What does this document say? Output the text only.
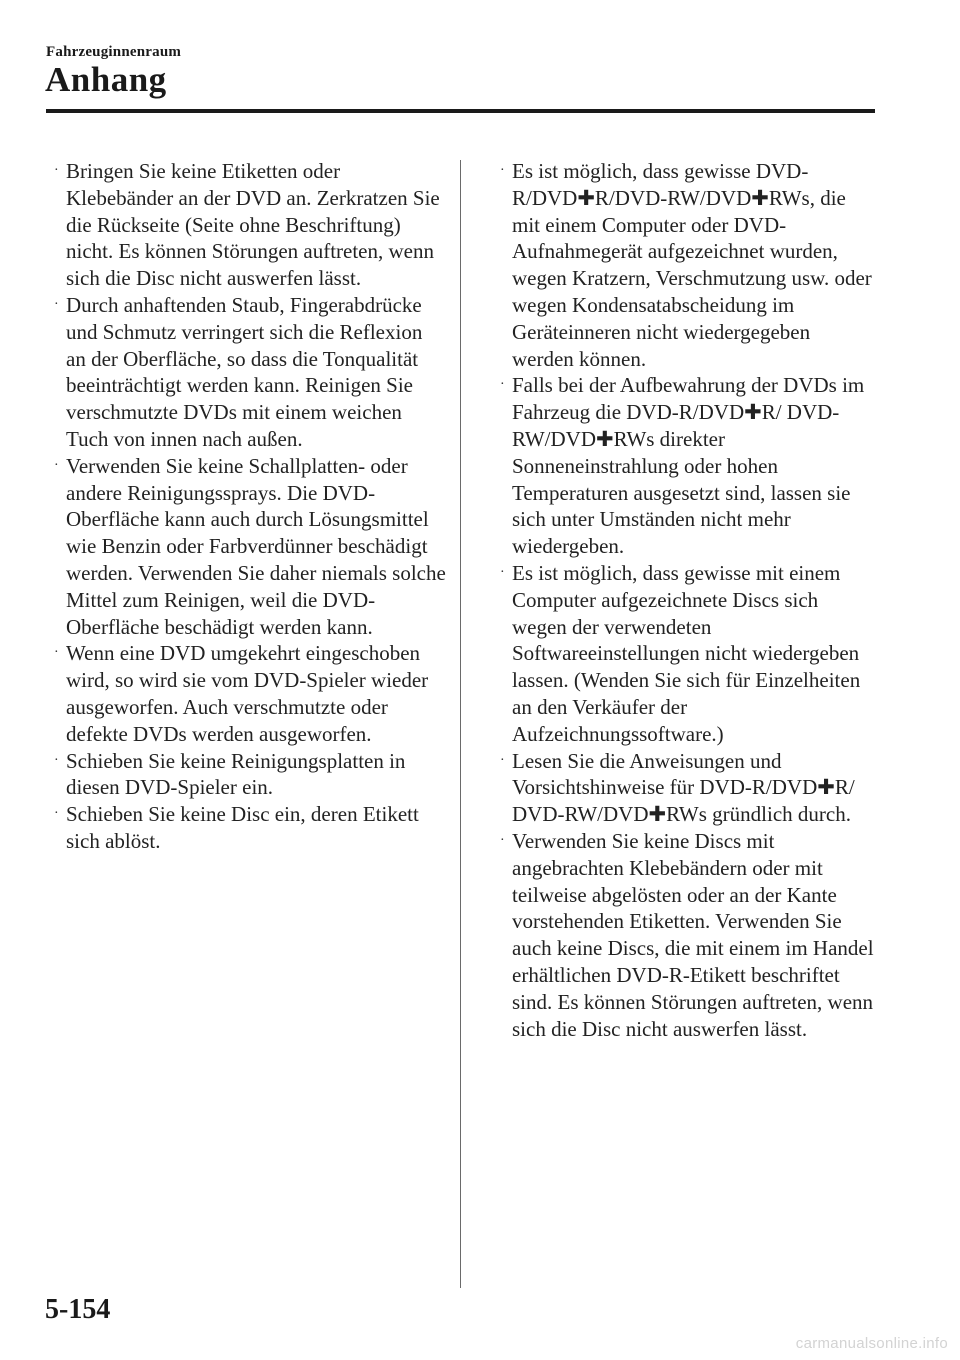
Fahrzeuginnenraum
Anhang
· Bringen Sie keine Etiketten oder Klebebänder an der DVD an. Zerkratzen Sie die Rückseite (Seite ohne Beschriftung) nicht. Es können Störungen auftreten, wenn sich die Disc nicht auswerfen lässt.
· Durch anhaftenden Staub, Fingerabdrücke und Schmutz verringert sich die Reflexion an der Oberfläche, so dass die Tonqualität beeinträchtigt werden kann. Reinigen Sie verschmutzte DVDs mit einem weichen Tuch von innen nach außen.
· Verwenden Sie keine Schallplatten- oder andere Reinigungssprays. Die DVD-Oberfläche kann auch durch Lösungsmittel wie Benzin oder Farbverdünner beschädigt werden. Verwenden Sie daher niemals solche Mittel zum Reinigen, weil die DVD-Oberfläche beschädigt werden kann.
· Wenn eine DVD umgekehrt eingeschoben wird, so wird sie vom DVD-Spieler wieder ausgeworfen. Auch verschmutzte oder defekte DVDs werden ausgeworfen.
· Schieben Sie keine Reinigungsplatten in diesen DVD-Spieler ein.
· Schieben Sie keine Disc ein, deren Etikett sich ablöst.
· Es ist möglich, dass gewisse DVD-R/DVD✚R/DVD-RW/DVD✚RWs, die mit einem Computer oder DVD-Aufnahmegerät aufgezeichnet wurden, wegen Kratzern, Verschmutzung usw. oder wegen Kondensatabscheidung im Geräteinneren nicht wiedergegeben werden können.
· Falls bei der Aufbewahrung der DVDs im Fahrzeug die DVD-R/DVD✚R/ DVD-RW/DVD✚RWs direkter Sonneneinstrahlung oder hohen Temperaturen ausgesetzt sind, lassen sie sich unter Umständen nicht mehr wiedergeben.
· Es ist möglich, dass gewisse mit einem Computer aufgezeichnete Discs sich wegen der verwendeten Softwareeinstellungen nicht wiedergeben lassen. (Wenden Sie sich für Einzelheiten an den Verkäufer der Aufzeichnungssoftware.)
· Lesen Sie die Anweisungen und Vorsichtshinweise für DVD-R/DVD✚R/ DVD-RW/DVD✚RWs gründlich durch.
· Verwenden Sie keine Discs mit angebrachten Klebebändern oder mit teilweise abgelösten oder an der Kante vorstehenden Etiketten. Verwenden Sie auch keine Discs, die mit einem im Handel erhältlichen DVD-R-Etikett beschriftet sind. Es können Störungen auftreten, wenn sich die Disc nicht auswerfen lässt.
5-154
carmanualsonline.info
